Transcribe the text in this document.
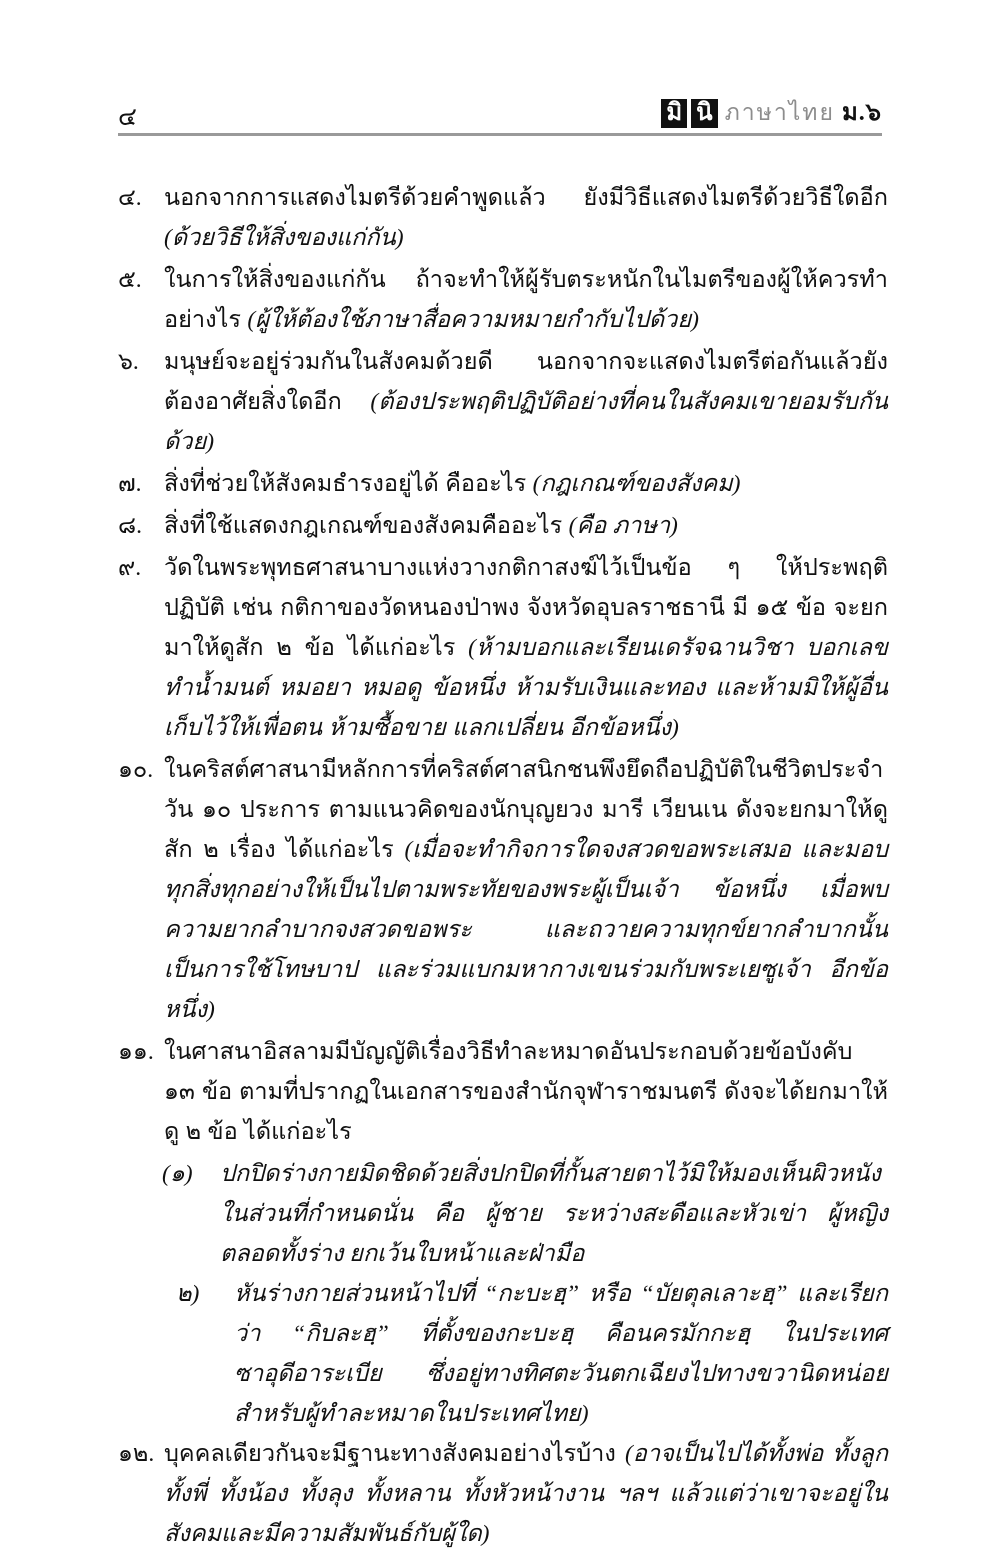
๔	มิ นิ ภาษาไทย ม.๖
๔. นอกจากการแสดงไมตรีด้วยคำพูดแล้ว ยังมีวิธีแสดงไมตรีด้วยวิธีใดอีก (ด้วยวิธีให้สิ่งของแก่กัน)
๕. ในการให้สิ่งของแก่กัน ถ้าจะทำให้ผู้รับตระหนักในไมตรีของผู้ให้ควรทำอย่างไร (ผู้ให้ต้องใช้ภาษาสื่อความหมายกำกับไปด้วย)
๖.	มนุษย์จะอยู่ร่วมกันในสังคมด้วยดี นอกจากจะแสดงไมตรีต่อกันแล้วยังต้องอาศัยสิ่งใดอีก (ต้องประพฤติปฏิบัติอย่างที่คนในสังคมเขายอมรับกันด้วย)
๗. สิ่งที่ช่วยให้สังคมธำรงอยู่ได้ คืออะไร (กฎเกณฑ์ของสังคม)
๘. สิ่งที่ใช้แสดงกฎเกณฑ์ของสังคมคืออะไร (คือ ภาษา)
๙. วัดในพระพุทธศาสนาบางแห่งวางกติกาสงฆ์ไว้เป็นข้อ ๆ ให้ประพฤติปฏิบัติ เช่น กติกาของวัดหนองป่าพง จังหวัดอุบลราชธานี มี ๑๕ ข้อ จะยกมาให้ดูสัก ๒ ข้อ ได้แก่อะไร (ห้ามบอกและเรียนเดรัจฉานวิชา บอกเลข ทำน้ำมนต์ หมอยา หมอดู ข้อหนึ่ง ห้ามรับเงินและทอง และห้ามมิให้ผู้อื่นเก็บไว้ให้เพื่อตน ห้ามซื้อขาย แลกเปลี่ยน อีกข้อหนึ่ง)
๑๐. ในคริสต์ศาสนามีหลักการที่คริสต์ศาสนิกชนพึงยึดถือปฏิบัติในชีวิตประจำวัน ๑๐ ประการ ตามแนวคิดของนักบุญยวง มารี เวียนเน ดังจะยกมาให้ดูสัก ๒ เรื่อง ได้แก่อะไร (เมื่อจะทำกิจการใดจงสวดขอพระเสมอ และมอบทุกสิ่งทุกอย่างให้เป็นไปตามพระทัยของพระผู้เป็นเจ้า ข้อหนึ่ง เมื่อพบความยากลำบากจงสวดขอพระ และถวายความทุกข์ยากลำบากนั้นเป็นการใช้โทษบาป และร่วมแบกมหากางเขนร่วมกับพระเยซูเจ้า อีกข้อหนึ่ง)
๑๑. ในศาสนาอิสลามมีบัญญัติเรื่องวิธีทำละหมาดอันประกอบด้วยข้อบังคับ ๑๓ ข้อ ตามที่ปรากฏในเอกสารของสำนักจุฬาราชมนตรี ดังจะได้ยกมาให้ดู ๒ ข้อ ได้แก่อะไร
(๑)	ปกปิดร่างกายมิดชิดด้วยสิ่งปกปิดที่กั้นสายตาไว้มิให้มองเห็นผิวหนังในส่วนที่กำหนดนั่น คือ ผู้ชาย ระหว่างสะดือและหัวเข่า ผู้หญิง ตลอดทั้งร่าง ยกเว้นใบหน้าและฝ่ามือ
๒)	หันร่างกายส่วนหน้าไปที่ “กะบะฮฺ” หรือ “บัยตุลเลาะฮฺ” และเรียกว่า “กิบละฮฺ” ที่ตั้งของกะบะฮฺ คือนครมักกะฮฺ ในประเทศซาอุดีอาระเบีย ซึ่งอยู่ทางทิศตะวันตกเฉียงไปทางขวานิดหน่อยสำหรับผู้ทำละหมาดในประเทศไทย)
๑๒. บุคคลเดียวกันจะมีฐานะทางสังคมอย่างไรบ้าง (อาจเป็นไปได้ทั้งพ่อ ทั้งลูก ทั้งพี่ ทั้งน้อง ทั้งลุง ทั้งหลาน ทั้งหัวหน้างาน ฯลฯ แล้วแต่ว่าเขาจะอยู่ในสังคมและมีความสัมพันธ์กับผู้ใด)
